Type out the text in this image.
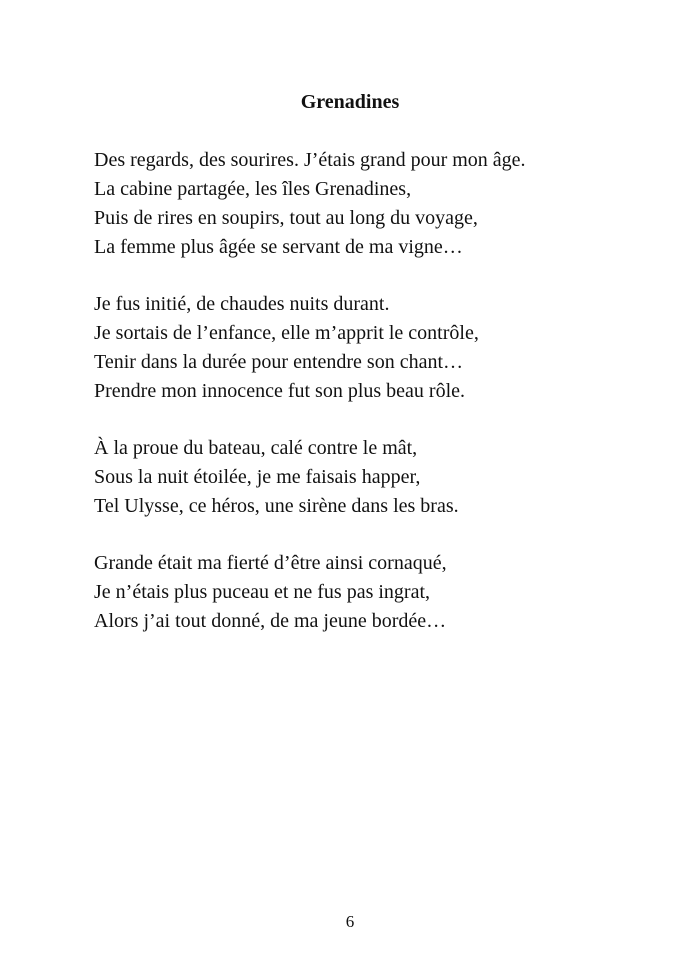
Grenadines
Des regards, des sourires. J’étais grand pour mon âge.
La cabine partagée, les îles Grenadines,
Puis de rires en soupirs, tout au long du voyage,
La femme plus âgée se servant de ma vigne…
Je fus initié, de chaudes nuits durant.
Je sortais de l’enfance, elle m’apprit le contrôle,
Tenir dans la durée pour entendre son chant…
Prendre mon innocence fut son plus beau rôle.
À la proue du bateau, calé contre le mât,
Sous la nuit étoilée, je me faisais happer,
Tel Ulysse, ce héros, une sirène dans les bras.
Grande était ma fierté d’être ainsi cornaqué,
Je n’étais plus puceau et ne fus pas ingrat,
Alors j’ai tout donné, de ma jeune bordée…
6
